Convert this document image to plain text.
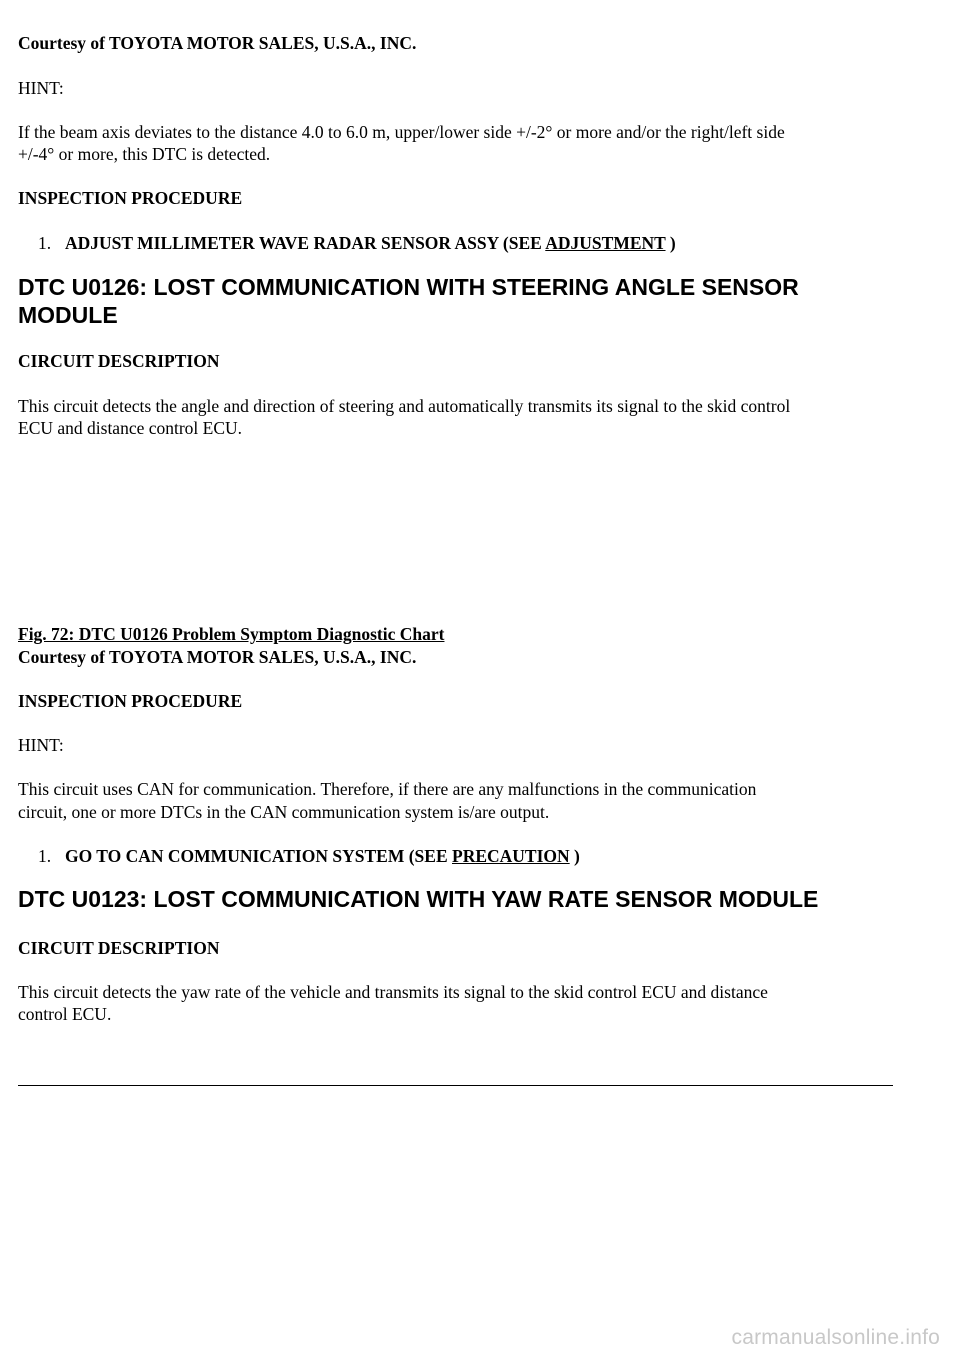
Courtesy of TOYOTA MOTOR SALES, U.S.A., INC.
HINT:
If the beam axis deviates to the distance 4.0 to 6.0 m, upper/lower side +/-2° or more and/or the right/left side
+/-4° or more, this DTC is detected.
INSPECTION PROCEDURE
1. ADJUST MILLIMETER WAVE RADAR SENSOR ASSY (SEE ADJUSTMENT )
DTC U0126: LOST COMMUNICATION WITH STEERING ANGLE SENSOR
MODULE
CIRCUIT DESCRIPTION
This circuit detects the angle and direction of steering and automatically transmits its signal to the skid control
ECU and distance control ECU.
Fig. 72: DTC U0126 Problem Symptom Diagnostic Chart
Courtesy of TOYOTA MOTOR SALES, U.S.A., INC.
INSPECTION PROCEDURE
HINT:
This circuit uses CAN for communication. Therefore, if there are any malfunctions in the communication
circuit, one or more DTCs in the CAN communication system is/are output.
1. GO TO CAN COMMUNICATION SYSTEM (SEE PRECAUTION )
DTC U0123: LOST COMMUNICATION WITH YAW RATE SENSOR MODULE
CIRCUIT DESCRIPTION
This circuit detects the yaw rate of the vehicle and transmits its signal to the skid control ECU and distance
control ECU.
carmanualsonline.info
